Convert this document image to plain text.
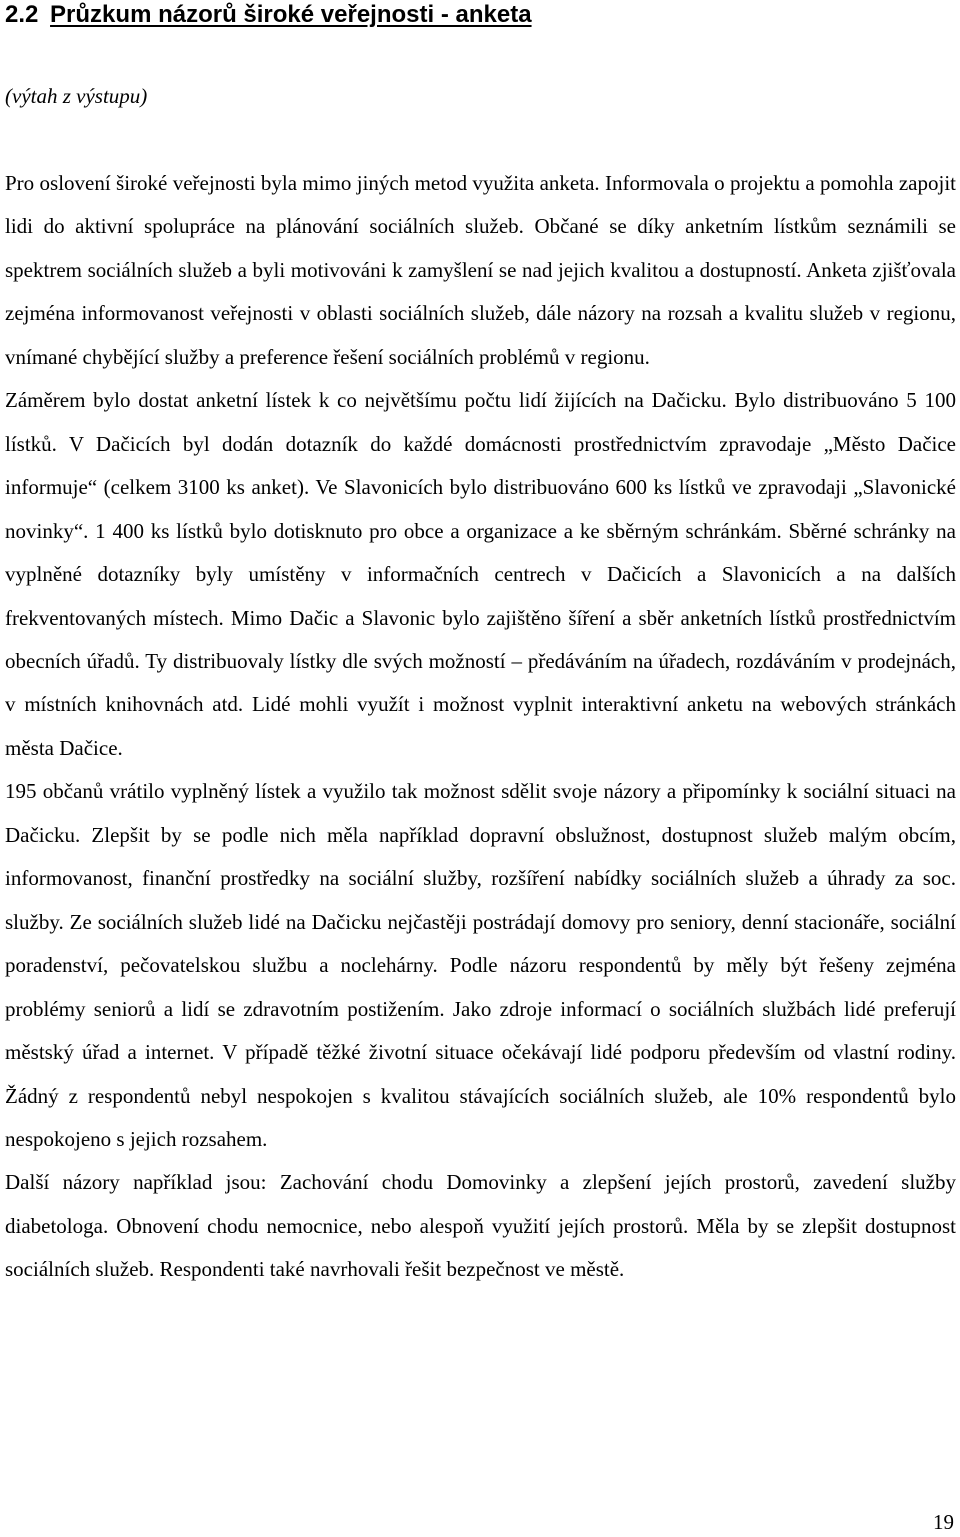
2.2 Průzkum názorů široké veřejnosti - anketa

(výtah z výstupu)

Pro oslovení široké veřejnosti byla mimo jiných metod využita anketa. Informovala o projektu a pomohla zapojit lidi do aktivní spolupráce na plánování sociálních služeb. Občané se díky anketním lístkům seznámili se spektrem sociálních služeb a byli motivováni k zamyšlení se nad jejich kvalitou a dostupností. Anketa zjišťovala zejména informovanost veřejnosti v oblasti sociálních služeb, dále názory na rozsah a kvalitu služeb v regionu, vnímané chybějící služby a preference řešení sociálních problémů v regionu.

Záměrem bylo dostat anketní lístek k co největšímu počtu lidí žijících na Dačicku. Bylo distribuováno 5 100 lístků. V Dačicích byl dodán dotazník do každé domácnosti prostřednictvím zpravodaje „Město Dačice informuje“ (celkem 3100 ks anket). Ve Slavonicích bylo distribuováno 600 ks lístků ve zpravodaji „Slavonické novinky“. 1 400 ks lístků bylo dotisknuto pro obce a organizace a ke sběrným schránkám. Sběrné schránky na vyplněné dotazníky byly umístěny v informačních centrech v Dačicích a Slavonicích a na dalších frekventovaných místech. Mimo Dačic a Slavonic bylo zajištěno šíření a sběr anketních lístků prostřednictvím obecních úřadů. Ty distribuovaly lístky dle svých možností – předáváním na úřadech, rozdáváním v prodejnách, v místních knihovnách atd. Lidé mohli využít i možnost vyplnit interaktivní anketu na webových stránkách města Dačice.

195 občanů vrátilo vyplněný lístek a využilo tak možnost sdělit svoje názory a připomínky k sociální situaci na Dačicku. Zlepšit by se podle nich měla například dopravní obslužnost, dostupnost služeb malým obcím, informovanost, finanční prostředky na sociální služby, rozšíření nabídky sociálních služeb a úhrady za soc. služby. Ze sociálních služeb lidé na Dačicku nejčastěji postrádají domovy pro seniory, denní stacionáře, sociální poradenství, pečovatelskou službu a noclehárny. Podle názoru respondentů by měly být řešeny zejména problémy seniorů a lidí se zdravotním postižením. Jako zdroje informací o sociálních službách lidé preferují městský úřad a internet. V případě těžké životní situace očekávají lidé podporu především od vlastní rodiny. Žádný z respondentů nebyl nespokojen s kvalitou stávajících sociálních služeb, ale 10% respondentů bylo nespokojeno s jejich rozsahem.

Další názory například jsou: Zachování chodu Domovinky a zlepšení jejích prostorů, zavedení služby diabetologa. Obnovení chodu nemocnice, nebo alespoň využití jejích prostorů. Měla by se zlepšit dostupnost sociálních služeb. Respondenti také navrhovali řešit bezpečnost ve městě.

19
